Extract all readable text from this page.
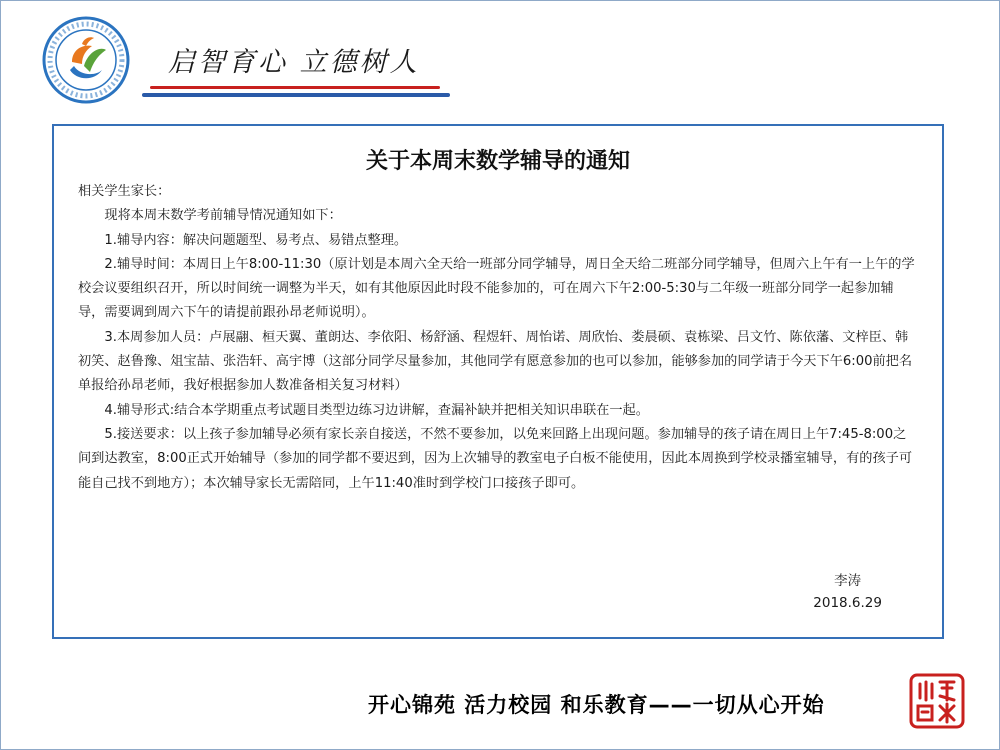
启智育心 立德树人
关于本周末数学辅导的通知

相关学生家长：

现将本周末数学考前辅导情况通知如下：

1.辅导内容：解决问题题型、易考点、易错点整理。

2.辅导时间：本周日上午8:00-11:30（原计划是本周六全天给一班部分同学辅导，周日全天给二班部分同学辅导，但周六上午有一上午的学校会议要组织召开，所以时间统一调整为半天，如有其他原因此时段不能参加的，可在周六下午2:00-5:30与二年级一班部分同学一起参加辅导，需要调到周六下午的请提前跟孙昂老师说明）。

3.本周参加人员：卢展翮、桓天翼、董朗达、李依阳、杨舒涵、程煜轩、周怡诺、周欣怡、娄晨硕、袁栋梁、吕文竹、陈依藩、文梓臣、韩初笑、赵鲁豫、俎宝喆、张浩轩、高宇博（这部分同学尽量参加，其他同学有愿意参加的也可以参加，能够参加的同学请于今天下午6:00前把名单报给孙昂老师，我好根据参加人数准备相关复习材料）

4.辅导形式:结合本学期重点考试题目类型边练习边讲解，查漏补缺并把相关知识串联在一起。

5.接送要求：以上孩子参加辅导必须有家长亲自接送，不然不要参加，以免来回路上出现问题。参加辅导的孩子请在周日上午7:45-8:00之间到达教室，8:00正式开始辅导（参加的同学都不要迟到，因为上次辅导的教室电子白板不能使用，因此本周换到学校录播室辅导，有的孩子可能自己找不到地方）；本次辅导家长无需陪同，上午11:40准时到学校门口接孩子即可。

李涛
2018.6.29
开心锦苑 活力校园 和乐教育——一切从心开始
